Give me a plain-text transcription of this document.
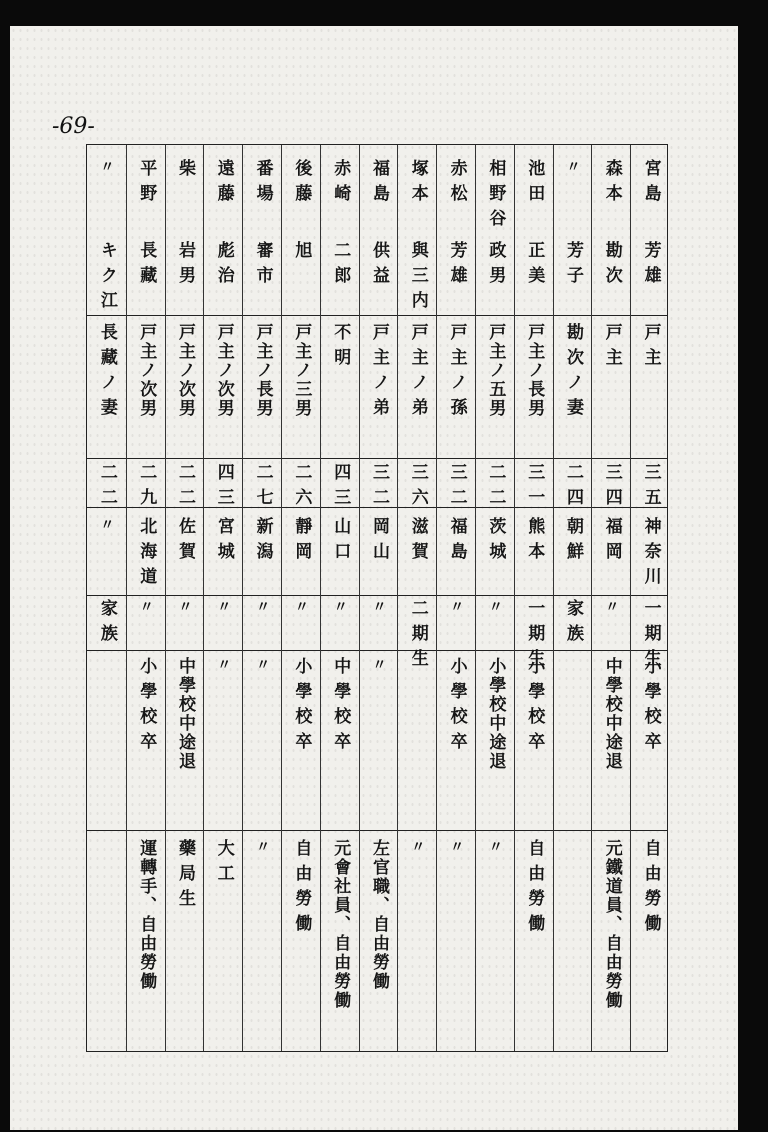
-69-
宮島
芳雄
戸主
三五
神奈川
一期生
小學校卒
自由勞働
森本
勘次
戸主
三四
福岡
〃
中學校中途退
元鐵道員、自由勞働
〃
芳子
勘次ノ妻
二四
朝鮮
家族
池田
正美
戸主ノ長男
三一
熊本
一期生
小學校卒
自由勞働
相野谷
政男
戸主ノ五男
二二
茨城
〃
小學校中途退
〃
赤松
芳雄
戸主ノ孫
三二
福島
〃
小學校卒
〃
塚本
與三内
戸主ノ弟
三六
滋賀
二期生
〃
福島
供益
戸主ノ弟
三二
岡山
〃
〃
左官職、自由勞働
赤崎
二郎
不明
四三
山口
〃
中學校卒
元會社員、自由勞働
後藤
旭
戸主ノ三男
二六
靜岡
〃
小學校卒
自由勞働
番場
審市
戸主ノ長男
二七
新潟
〃
〃
〃
遠藤
彪治
戸主ノ次男
四三
宮城
〃
〃
大工
柴
岩男
戸主ノ次男
二二
佐賀
〃
中學校中途退
藥局生
平野
長藏
戸主ノ次男
二九
北海道
〃
小學校卒
運轉手、自由勞働
〃
キク江
長藏ノ妻
二二
〃
家族
